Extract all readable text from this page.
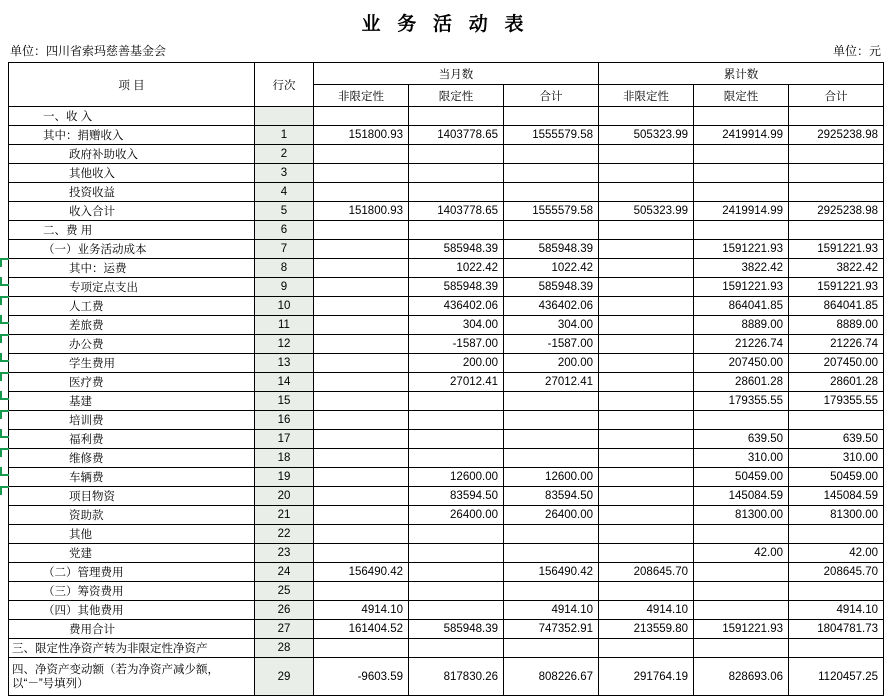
业 务 活 动 表
单位：四川省索玛慈善基金会	单位：元
项 目	行次	当月数			累计数		
		非限定性	限定性	合计	非限定性	限定性	合计
一、收 入							
其中：捐赠收入	1	151800.93	1403778.65	1555579.58	505323.99	2419914.99	2925238.98
政府补助收入	2						
其他收入	3						
投资收益	4						
收入合计	5	151800.93	1403778.65	1555579.58	505323.99	2419914.99	2925238.98
二、费 用	6						
（一）业务活动成本	7		585948.39	585948.39		1591221.93	1591221.93
其中：运费	8		1022.42	1022.42		3822.42	3822.42
专项定点支出	9		585948.39	585948.39		1591221.93	1591221.93
人工费	10		436402.06	436402.06		864041.85	864041.85
差旅费	11		304.00	304.00		8889.00	8889.00
办公费	12		-1587.00	-1587.00		21226.74	21226.74
学生费用	13		200.00	200.00		207450.00	207450.00
医疗费	14		27012.41	27012.41		28601.28	28601.28
基建	15					179355.55	179355.55
培训费	16						
福利费	17					639.50	639.50
维修费	18					310.00	310.00
车辆费	19		12600.00	12600.00		50459.00	50459.00
项目物资	20		83594.50	83594.50		145084.59	145084.59
资助款	21		26400.00	26400.00		81300.00	81300.00
其他	22						
党建	23					42.00	42.00
（二）管理费用	24	156490.42		156490.42	208645.70		208645.70
（三）筹资费用	25						
（四）其他费用	26	4914.10		4914.10	4914.10		4914.10
费用合计	27	161404.52	585948.39	747352.91	213559.80	1591221.93	1804781.73
三、限定性净资产转为非限定性净资产	28						
四、净资产变动额（若为净资产减少额，以“－”号填列）	29	-9603.59	817830.26	808226.67	291764.19	828693.06	1120457.25
